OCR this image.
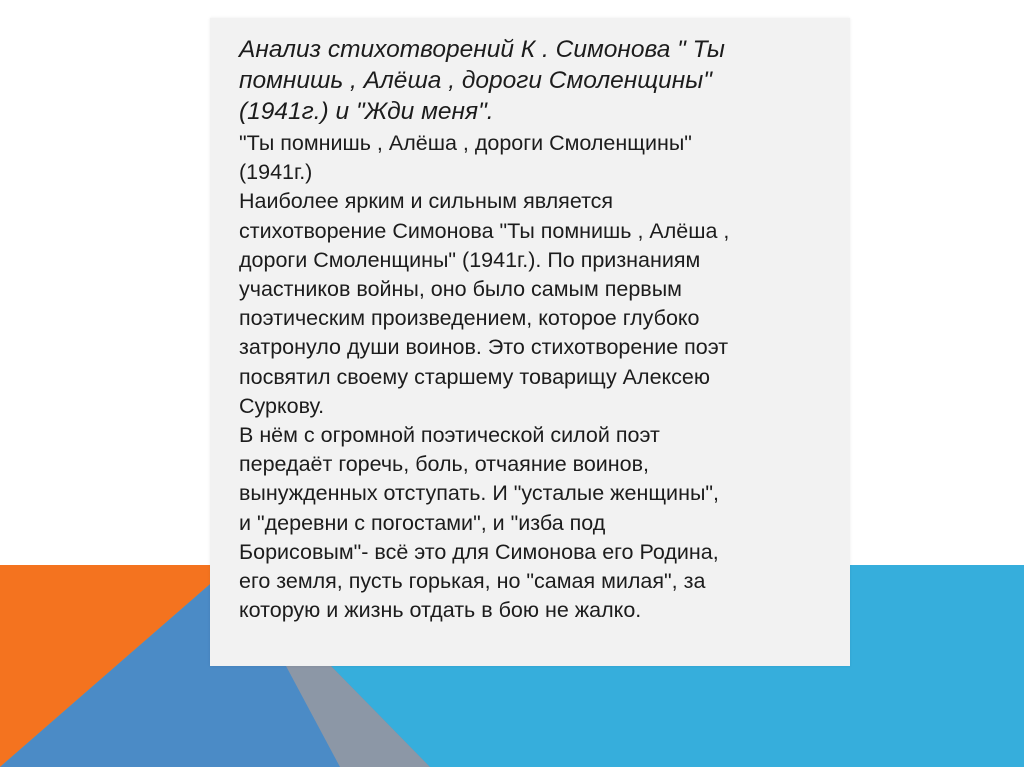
Анализ стихотворений К . Симонова " Ты

помнишь , Алёша , дороги Смоленщины"

(1941г.) и "Жди меня".

"Ты помнишь , Алёша , дороги Смоленщины"

(1941г.)

Наиболее ярким и сильным является

стихотворение Симонова "Ты помнишь , Алёша ,

дороги Смоленщины" (1941г.). По признаниям

участников войны, оно было самым первым

поэтическим произведением, которое глубоко

затронуло души воинов. Это стихотворение поэт

посвятил своему старшему товарищу Алексею

Суркову.

В нём с огромной поэтической силой поэт

передаёт горечь, боль, отчаяние воинов,

вынужденных отступать. И "усталые женщины",

и "деревни с погостами", и "изба под

Борисовым"- всё это для Симонова его Родина,

его земля, пусть горькая, но "самая милая", за

которую и жизнь отдать в бою не жалко.
